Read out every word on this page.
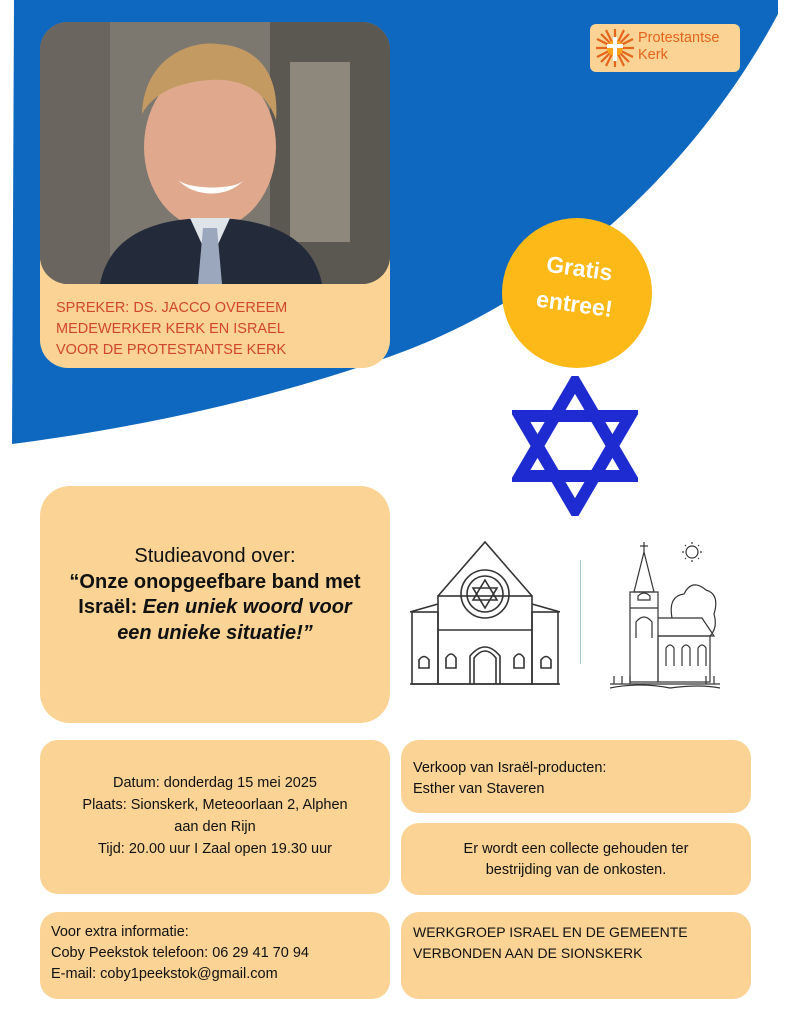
Protestantse
Kerk
SPREKER: DS. JACCO OVEREEM
MEDEWERKER KERK EN ISRAEL
VOOR DE PROTESTANTSE KERK
Gratis
entree!
Studieavond over:
“Onze onopgeefbare band met
Israël: Een uniek woord voor
een unieke situatie!”
Datum: donderdag 15 mei 2025
Plaats: Sionskerk, Meteoorlaan 2, Alphen
aan den Rijn
Tijd: 20.00 uur I Zaal open 19.30 uur
Verkoop van Israël-producten:
Esther van Staveren
Er wordt een collecte gehouden ter
bestrijding van de onkosten.
Voor extra informatie:
Coby Peekstok telefoon: 06 29 41 70 94
E-mail: coby1peekstok@gmail.com
WERKGROEP ISRAEL EN DE GEMEENTE
VERBONDEN AAN DE SIONSKERK
